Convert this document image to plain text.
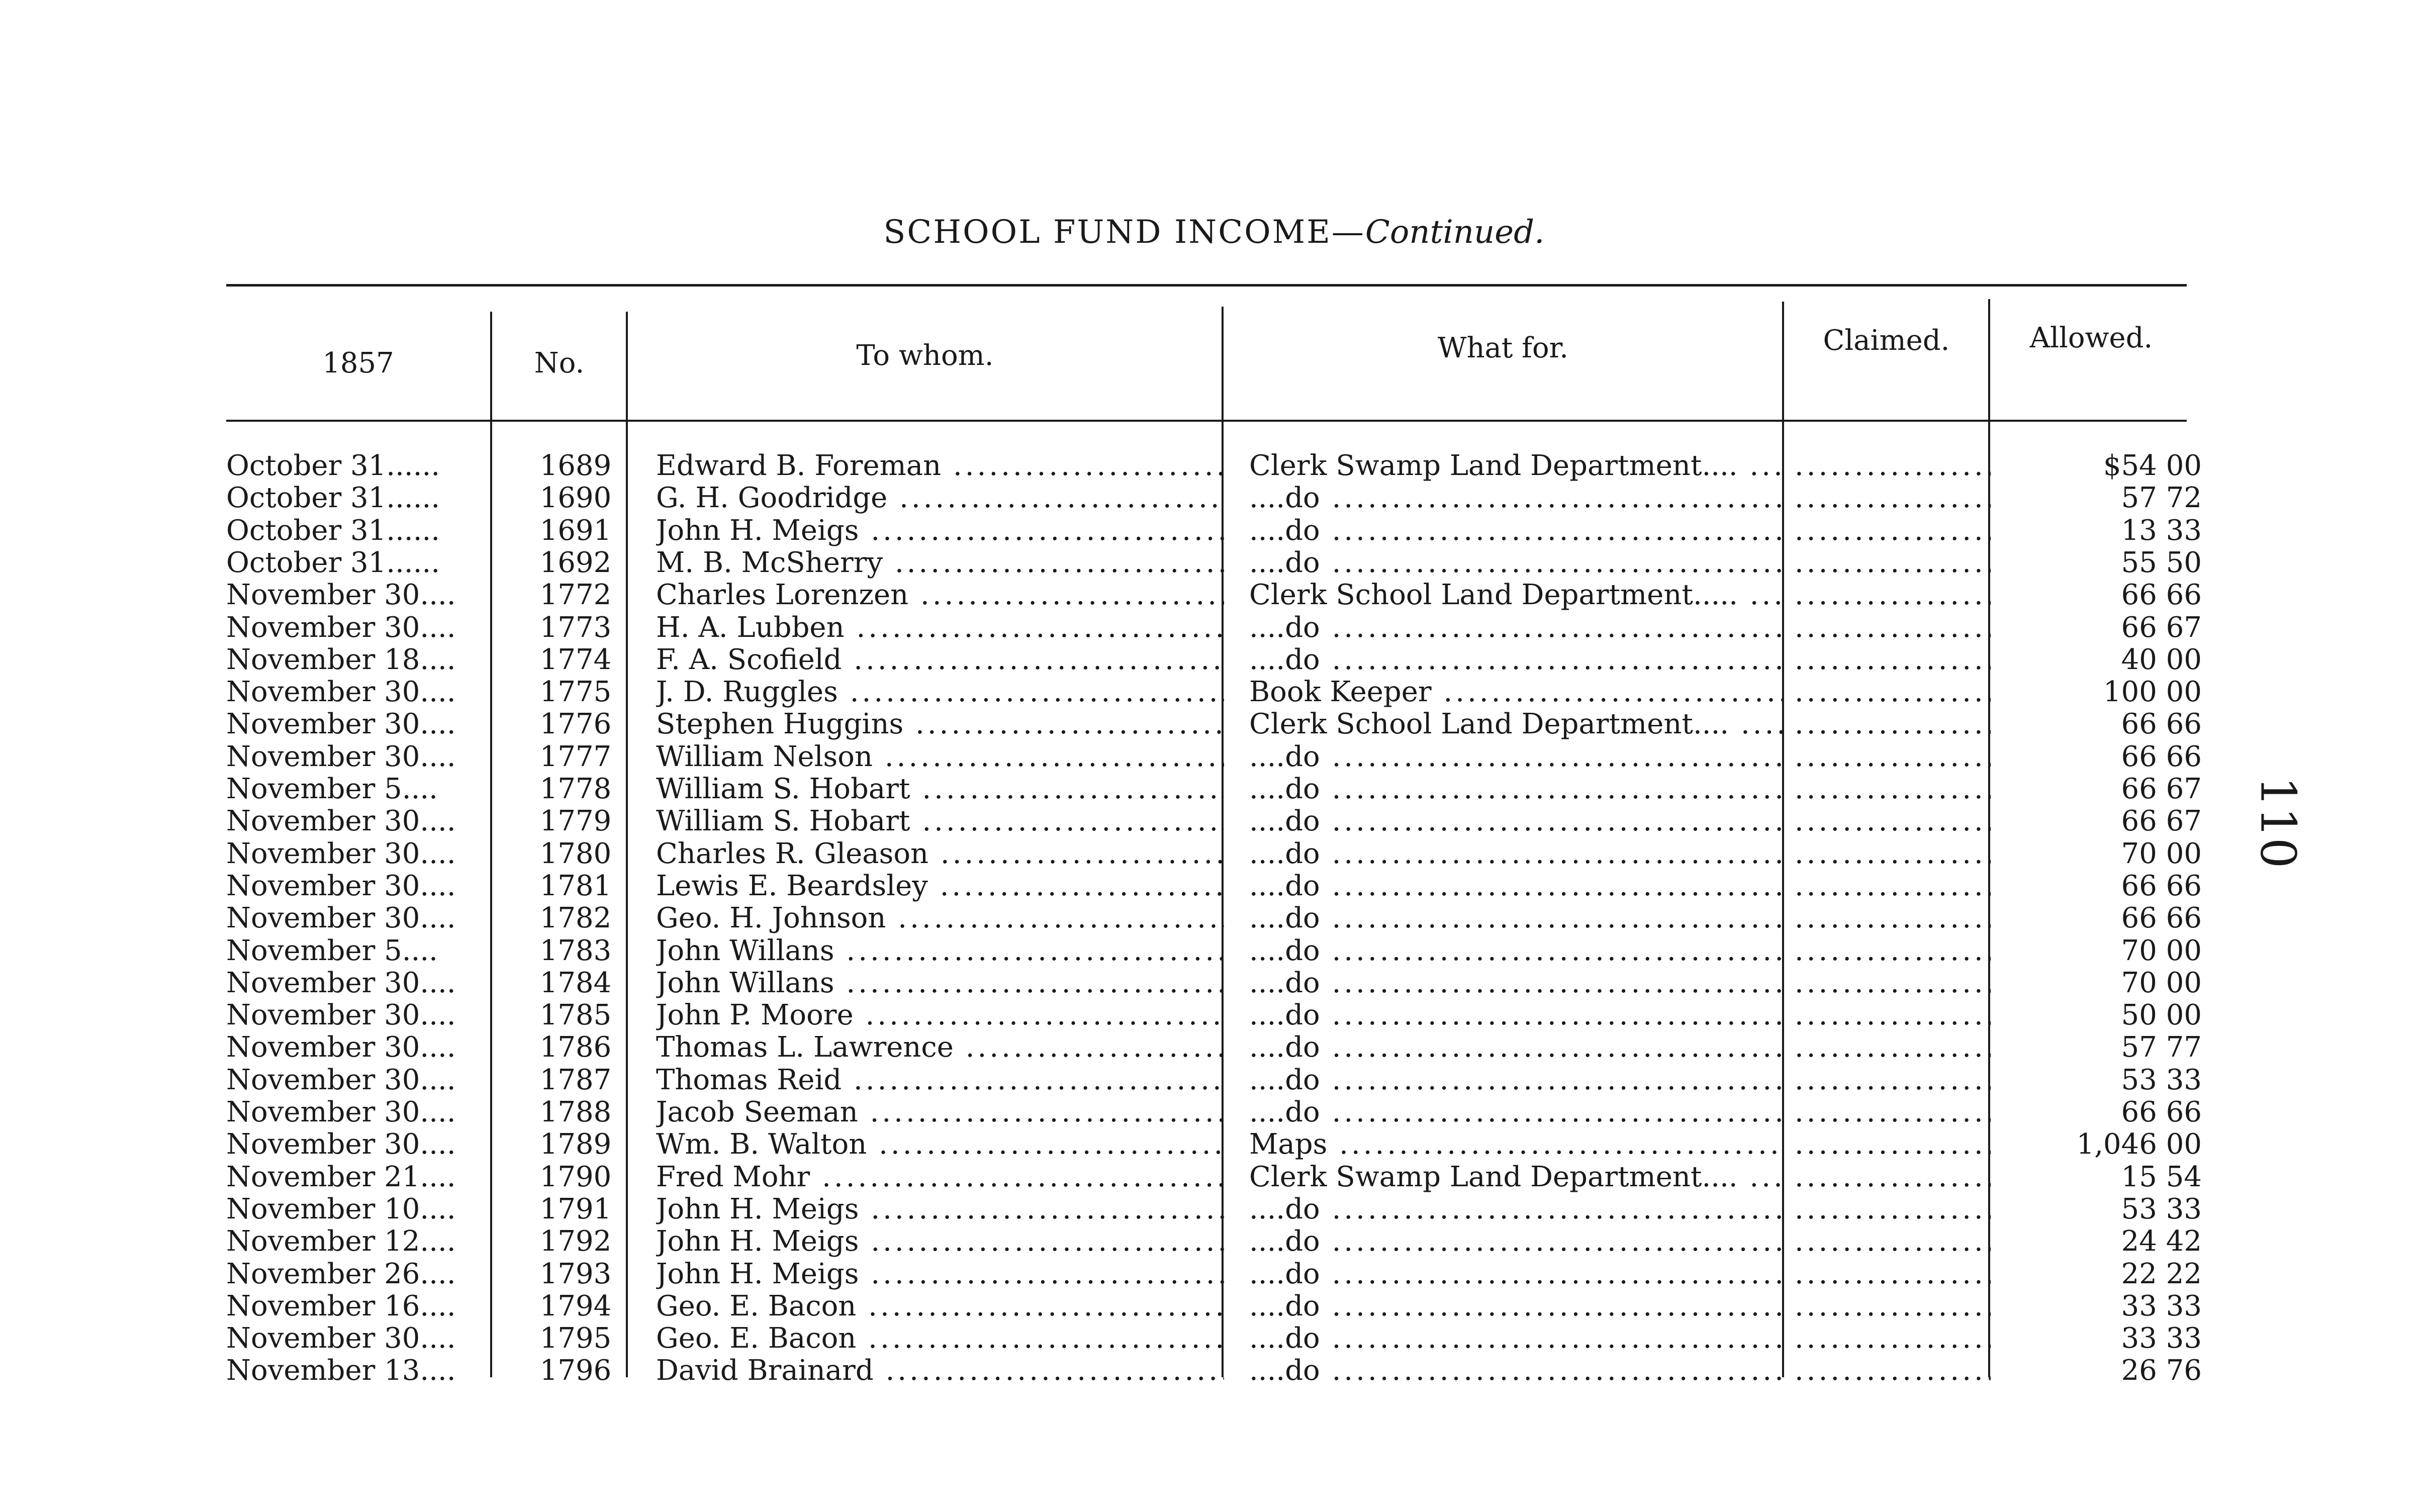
SCHOOL FUND INCOME—Continued.
110
1857	No.	To whom.	What for.	Claimed.	Allowed.
October 31......	1689	Edward B. Foreman .....	Clerk Swamp Land Department.... ..... .....	$54 00
October 31......	1690	G. H. Goodridge .....	....do ..... .....	57 72
October 31......	1691	John H. Meigs .....	....do ..... .....	13 33
October 31......	1692	M. B. McSherry .....	....do ..... .....	55 50
November 30....	1772	Charles Lorenzen .....	Clerk School Land Department..... ..... .....	66 66
November 30....	1773	H. A. Lubben .....	....do ..... .....	66 67
November 18....	1774	F. A. Scofield .....	....do ..... .....	40 00
November 30....	1775	J. D. Ruggles .....	Book Keeper ..... .....	100 00
November 30....	1776	Stephen Huggins .....	Clerk School Land Department.... ..... .....	66 66
November 30....	1777	William Nelson .....	....do ..... .....	66 66
November 5....	1778	William S. Hobart .....	....do ..... .....	66 67
November 30....	1779	William S. Hobart .....	....do ..... .....	66 67
November 30....	1780	Charles R. Gleason .....	....do ..... .....	70 00
November 30....	1781	Lewis E. Beardsley .....	....do ..... .....	66 66
November 30....	1782	Geo. H. Johnson .....	....do ..... .....	66 66
November 5....	1783	John Willans .....	....do ..... .....	70 00
November 30....	1784	John Willans .....	....do ..... .....	70 00
November 30....	1785	John P. Moore .....	....do ..... .....	50 00
November 30....	1786	Thomas L. Lawrence .....	....do ..... .....	57 77
November 30....	1787	Thomas Reid .....	....do ..... .....	53 33
November 30....	1788	Jacob Seeman .....	....do ..... .....	66 66
November 30....	1789	Wm. B. Walton .....	Maps ..... .....	1,046 00
November 21....	1790	Fred Mohr .....	Clerk Swamp Land Department.... ..... .....	15 54
November 10....	1791	John H. Meigs .....	....do ..... .....	53 33
November 12....	1792	John H. Meigs .....	....do ..... .....	24 42
November 26....	1793	John H. Meigs .....	....do ..... .....	22 22
November 16....	1794	Geo. E. Bacon .....	....do ..... .....	33 33
November 30....	1795	Geo. E. Bacon .....	....do ..... .....	33 33
November 13....	1796	David Brainard .....	....do ..... .....	26 76
